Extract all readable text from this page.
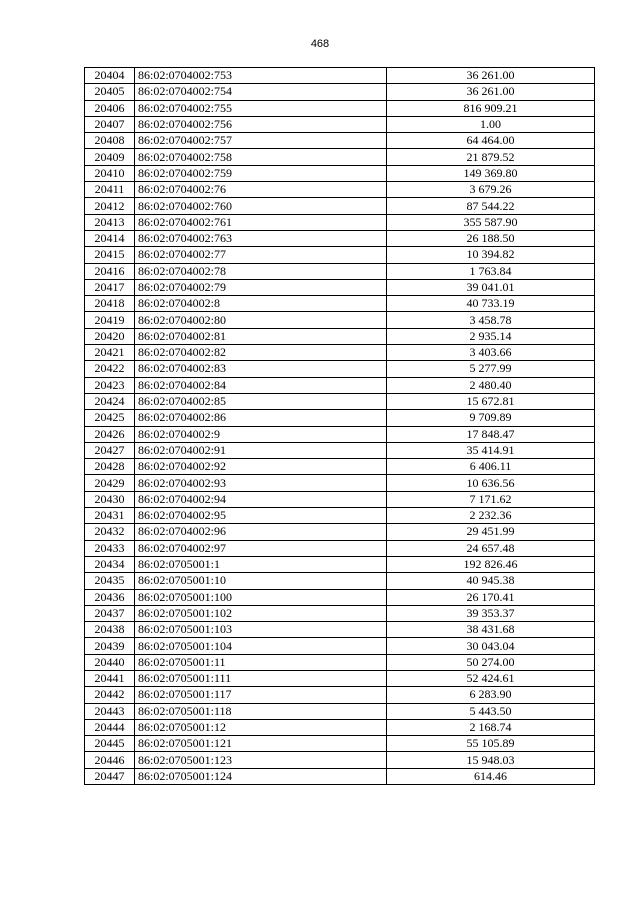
468
20404	86:02:0704002:753	36 261.00
20405	86:02:0704002:754	36 261.00
20406	86:02:0704002:755	816 909.21
20407	86:02:0704002:756	1.00
20408	86:02:0704002:757	64 464.00
20409	86:02:0704002:758	21 879.52
20410	86:02:0704002:759	149 369.80
20411	86:02:0704002:76	3 679.26
20412	86:02:0704002:760	87 544.22
20413	86:02:0704002:761	355 587.90
20414	86:02:0704002:763	26 188.50
20415	86:02:0704002:77	10 394.82
20416	86:02:0704002:78	1 763.84
20417	86:02:0704002:79	39 041.01
20418	86:02:0704002:8	40 733.19
20419	86:02:0704002:80	3 458.78
20420	86:02:0704002:81	2 935.14
20421	86:02:0704002:82	3 403.66
20422	86:02:0704002:83	5 277.99
20423	86:02:0704002:84	2 480.40
20424	86:02:0704002:85	15 672.81
20425	86:02:0704002:86	9 709.89
20426	86:02:0704002:9	17 848.47
20427	86:02:0704002:91	35 414.91
20428	86:02:0704002:92	6 406.11
20429	86:02:0704002:93	10 636.56
20430	86:02:0704002:94	7 171.62
20431	86:02:0704002:95	2 232.36
20432	86:02:0704002:96	29 451.99
20433	86:02:0704002:97	24 657.48
20434	86:02:0705001:1	192 826.46
20435	86:02:0705001:10	40 945.38
20436	86:02:0705001:100	26 170.41
20437	86:02:0705001:102	39 353.37
20438	86:02:0705001:103	38 431.68
20439	86:02:0705001:104	30 043.04
20440	86:02:0705001:11	50 274.00
20441	86:02:0705001:111	52 424.61
20442	86:02:0705001:117	6 283.90
20443	86:02:0705001:118	5 443.50
20444	86:02:0705001:12	2 168.74
20445	86:02:0705001:121	55 105.89
20446	86:02:0705001:123	15 948.03
20447	86:02:0705001:124	614.46
